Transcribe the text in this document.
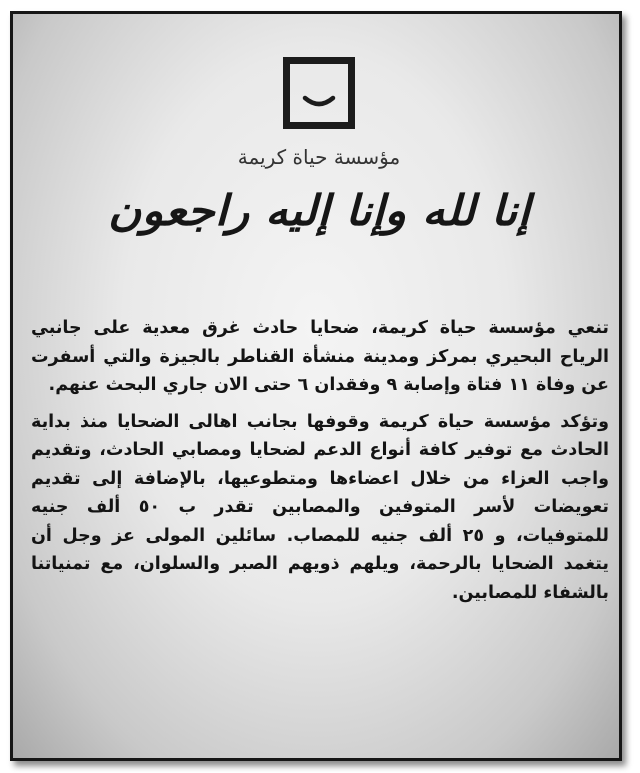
مؤسسة حياة كريمة
إنا لله وإنا إليه راجعون

تنعي مؤسسة حياة كريمة، ضحايا حادث غرق معدية على جانبي الرياح البحيري بمركز ومدينة منشأة القناطر بالجيزة والتي أسفرت عن وفاة ١١ فتاة وإصابة ٩ وفقدان ٦ حتى الان جاري البحث عنهم.

وتؤكد مؤسسة حياة كريمة وقوفها بجانب اهالى الضحايا منذ بداية الحادث مع توفير كافة أنواع الدعم لضحايا ومصابي الحادث، وتقديم واجب العزاء من خلال اعضاءها ومتطوعيها، بالإضافة إلى تقديم تعويضات لأسر المتوفين والمصابين تقدر ب ٥٠ ألف جنيه للمتوفيات، و ٢٥ ألف جنيه للمصاب. سائلين المولى عز وجل أن يتغمد الضحايا بالرحمة، ويلهم ذويهم الصبر والسلوان، مع تمنياتنا بالشفاء للمصابين.
